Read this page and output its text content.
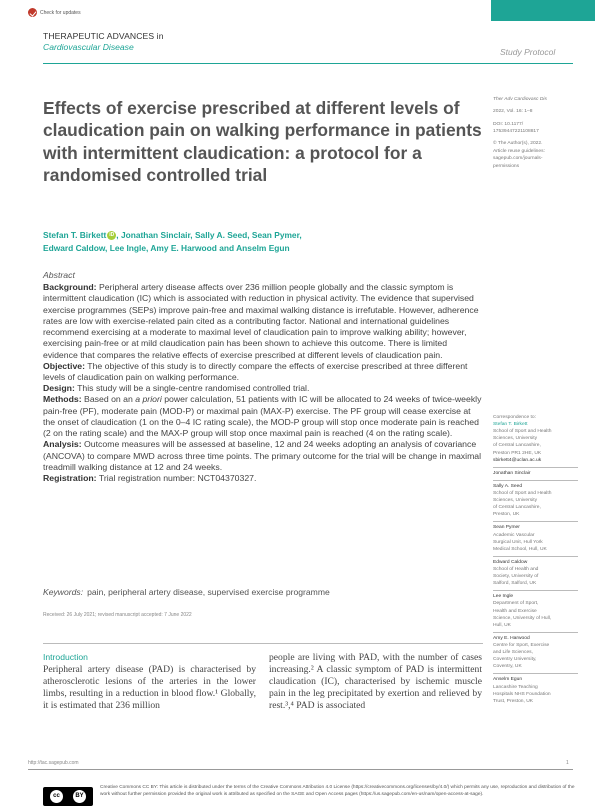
Check for updates
THERAPEUTIC ADVANCES in
Cardiovascular Disease	Study Protocol
Effects of exercise prescribed at different levels of claudication pain on walking performance in patients with intermittent claudication: a protocol for a randomised controlled trial
Stefan T. Birkett iD , Jonathan Sinclair, Sally A. Seed, Sean Pymer,
Edward Caldow, Lee Ingle, Amy E. Harwood and Anselm Egun
Ther Adv Cardiovasc Dis
2022, Vol. 16: 1–8
DOI: 10.1177/
17539447221108817
© The Author(s), 2022.
Article reuse guidelines:
sagepub.com/journals-
permissions
Abstract
Background: Peripheral artery disease affects over 236 million people globally and the classic symptom is intermittent claudication (IC) which is associated with reduction in physical activity. The evidence that supervised exercise programmes (SEPs) improve pain-free and maximal walking distance is irrefutable. However, adherence rates are low with exercise-related pain cited as a contributing factor. National and international guidelines recommend exercising at a moderate to maximal level of claudication pain to improve walking ability; however, exercising pain-free or at mild claudication pain has been shown to achieve this outcome. There is limited evidence that compares the relative effects of exercise prescribed at different levels of claudication pain.
Objective: The objective of this study is to directly compare the effects of exercise prescribed at three different levels of claudication pain on walking performance.
Design: This study will be a single-centre randomised controlled trial.
Methods: Based on an a priori power calculation, 51 patients with IC will be allocated to 24 weeks of twice-weekly pain-free (PF), moderate pain (MOD-P) or maximal pain (MAX-P) exercise. The PF group will cease exercise at the onset of claudication (1 on the 0–4 IC rating scale), the MOD-P group will stop once moderate pain is reached (2 on the rating scale) and the MAX-P group will stop once maximal pain is reached (4 on the rating scale).
Analysis: Outcome measures will be assessed at baseline, 12 and 24 weeks adopting an analysis of covariance (ANCOVA) to compare MWD across three time points. The primary outcome for the trial will be change in maximal treadmill walking distance at 12 and 24 weeks.
Registration: Trial registration number: NCT04370327.
Keywords: pain, peripheral artery disease, supervised exercise programme
Received: 26 July 2021; revised manuscript accepted: 7 June 2022
Correspondence to:
Stefan T. Birkett
School of Sport and Health
Sciences, University
of Central Lancashire,
Preston PR1 2HE, UK
sbirkett4@uclan.ac.uk
Jonathan Sinclair
Sally A. Seed
School of Sport and Health
Sciences, University
of Central Lancashire,
Preston, UK
Sean Pymer
Academic Vascular
Surgical Unit, Hull York
Medical School, Hull, UK
Edward Caldow
School of Health and
Society, University of
Salford, Salford, UK
Lee Ingle
Department of Sport,
Health and Exercise
Science, University of Hull,
Hull, UK
Amy E. Harwood
Centre for Sport, Exercise
and Life Sciences,
Coventry University,
Coventry, UK
Anselm Egun
Lancashire Teaching
Hospitals NHS Foundation
Trust, Preston, UK
Introduction
Peripheral artery disease (PAD) is characterised by atherosclerotic lesions of the arteries in the lower limbs, resulting in a reduction in blood flow.¹ Globally, it is estimated that 236 million
people are living with PAD, with the number of cases increasing.² A classic symptom of PAD is intermittent claudication (IC), characterised by ischemic muscle pain in the leg precipitated by exertion and relieved by rest.³,⁴ PAD is associated
http://tac.sagepub.com	1
cc	BY
Creative Commons CC BY: This article is distributed under the terms of the Creative Commons Attribution 4.0 License (https://creativecommons.org/licenses/by/4.0/) which permits any use, reproduction and distribution of the work without further permission provided the original work is attributed as specified on the SAGE and Open Access pages (https://us.sagepub.com/en-us/nam/open-access-at-sage).
